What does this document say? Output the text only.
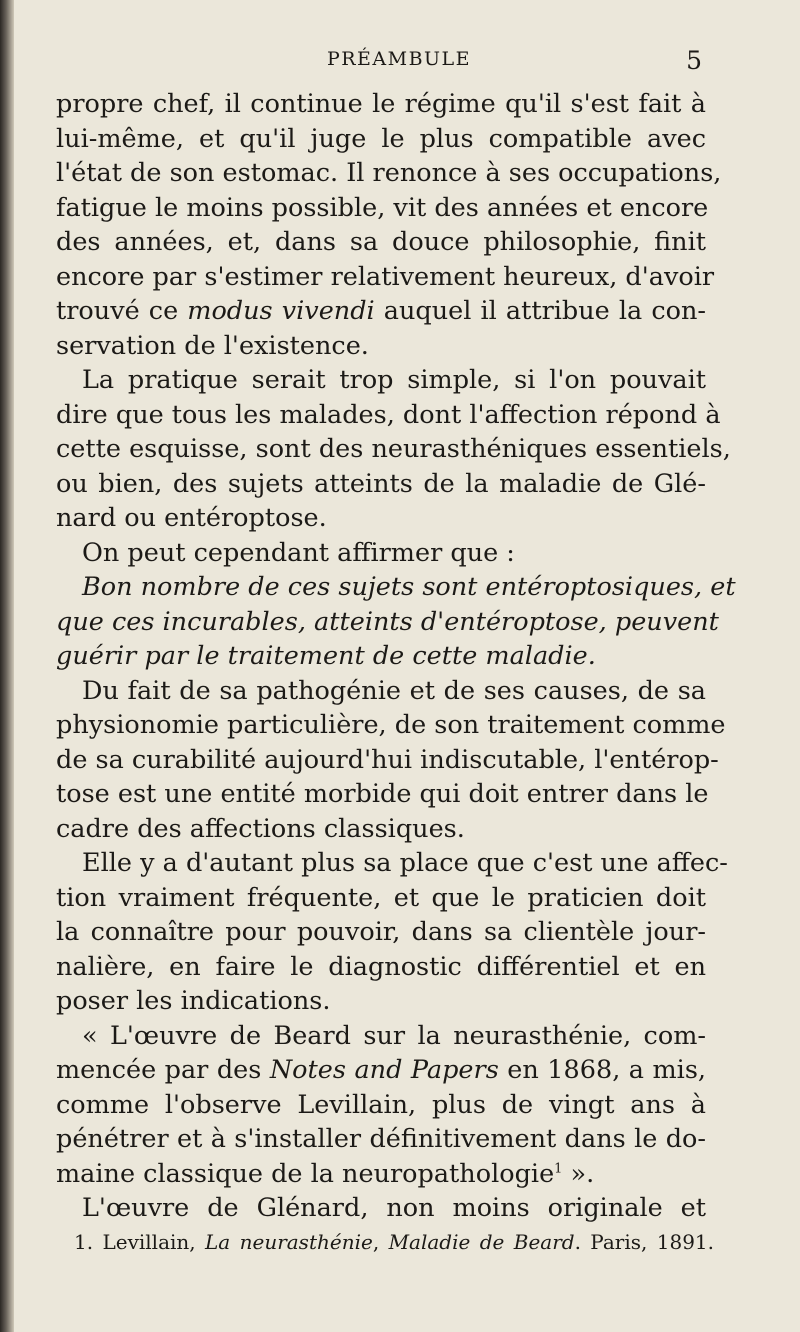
PRÉAMBULE	5
propre chef, il continue le régime qu'il s'est fait à
lui-même, et qu'il juge le plus compatible avec
l'état de son estomac. Il renonce à ses occupations,
fatigue le moins possible, vit des années et encore
des années, et, dans sa douce philosophie, finit
encore par s'estimer relativement heureux, d'avoir
trouvé ce modus vivendi auquel il attribue la con-
servation de l'existence.
La pratique serait trop simple, si l'on pouvait
dire que tous les malades, dont l'affection répond à
cette esquisse, sont des neurasthéniques essentiels,
ou bien, des sujets atteints de la maladie de Glé-
nard ou entéroptose.
On peut cependant affirmer que :
Bon nombre de ces sujets sont entéroptosiques, et
que ces incurables, atteints d'entéroptose, peuvent
guérir par le traitement de cette maladie.
Du fait de sa pathogénie et de ses causes, de sa
physionomie particulière, de son traitement comme
de sa curabilité aujourd'hui indiscutable, l'entérop-
tose est une entité morbide qui doit entrer dans le
cadre des affections classiques.
Elle y a d'autant plus sa place que c'est une affec-
tion vraiment fréquente, et que le praticien doit
la connaître pour pouvoir, dans sa clientèle jour-
nalière, en faire le diagnostic différentiel et en
poser les indications.
« L'œuvre de Beard sur la neurasthénie, com-
mencée par des Notes and Papers en 1868, a mis,
comme l'observe Levillain, plus de vingt ans à
pénétrer et à s'installer définitivement dans le do-
maine classique de la neuropathologie$^1$ ».
L'œuvre de Glénard, non moins originale et
1. Levillain, La neurasthénie, Maladie de Beard. Paris, 1891.
